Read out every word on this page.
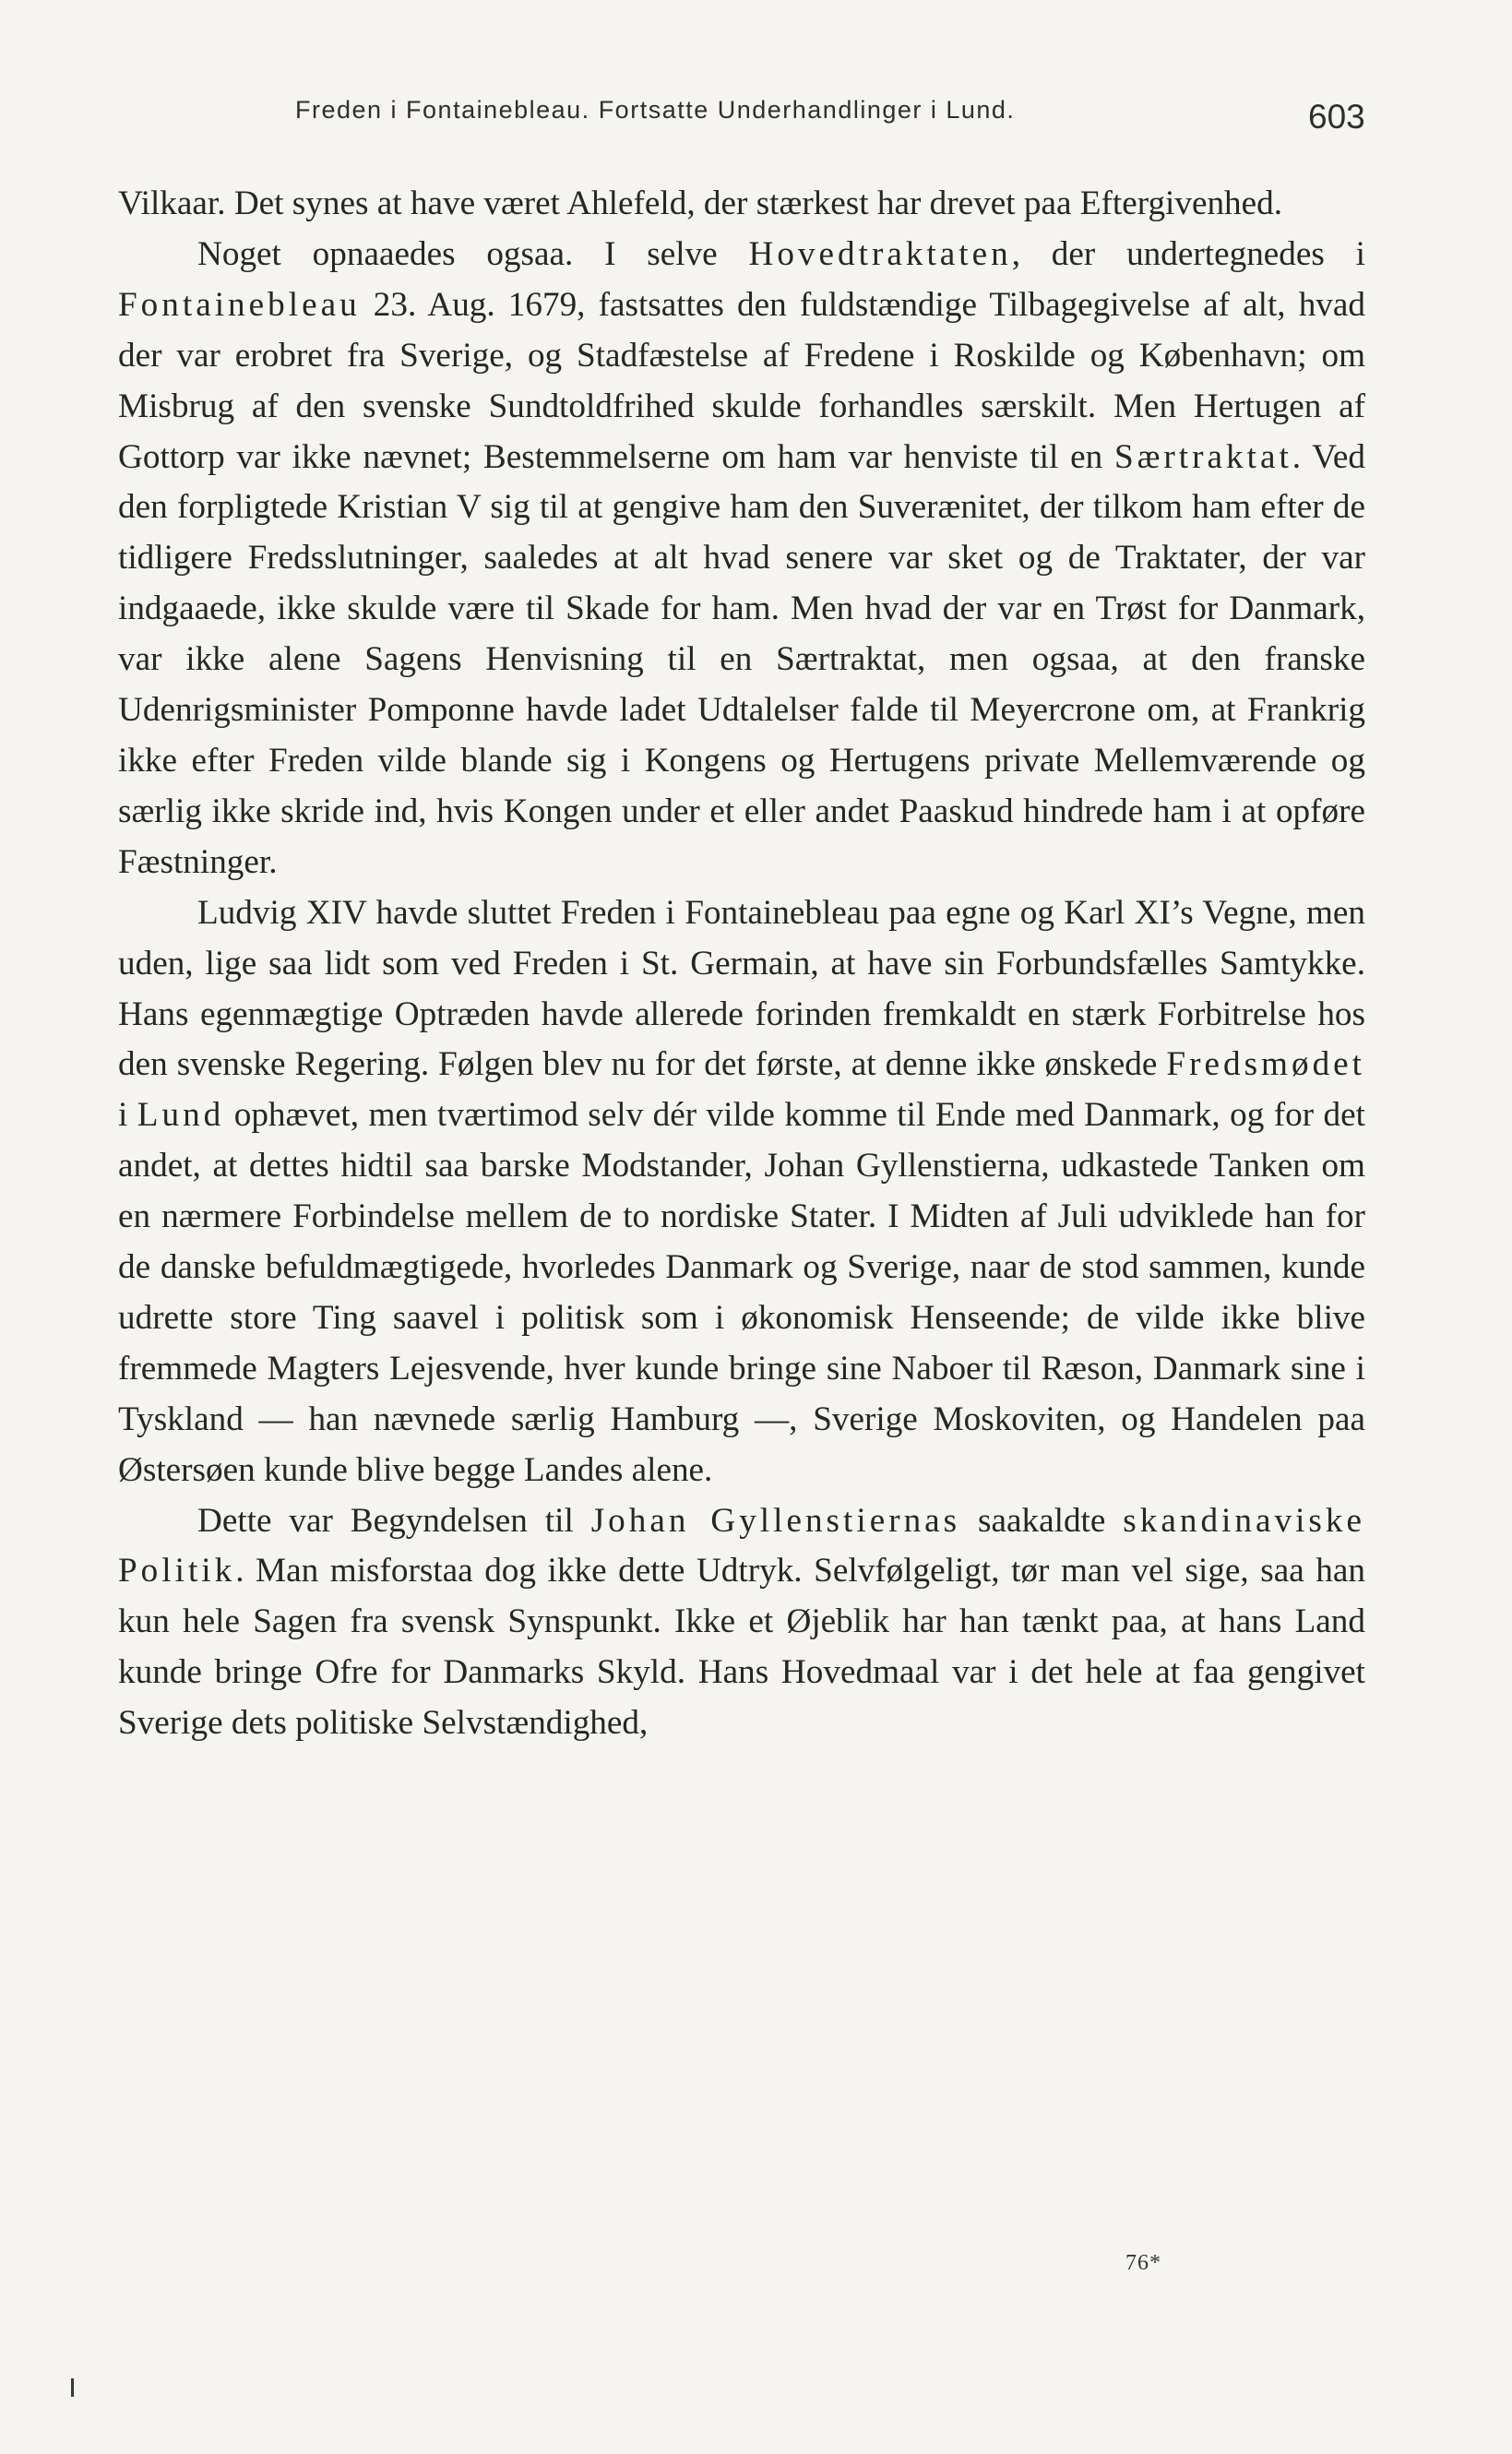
Freden i Fontainebleau. Fortsatte Underhandlinger i Lund.	603

Vilkaar. Det synes at have været Ahlefeld, der stærkest har drevet paa Eftergivenhed.

Noget opnaaedes ogsaa. I selve Hovedtraktaten, der undertegnedes i Fontainebleau 23. Aug. 1679, fastsattes den fuldstændige Tilbagegivelse af alt, hvad der var erobret fra Sverige, og Stadfæstelse af Fredene i Roskilde og København; om Misbrug af den svenske Sundtoldfrihed skulde forhandles særskilt. Men Hertugen af Gottorp var ikke nævnet; Bestemmelserne om ham var henviste til en Særtraktat. Ved den forpligtede Kristian V sig til at gengive ham den Suverænitet, der tilkom ham efter de tidligere Fredsslutninger, saaledes at alt hvad senere var sket og de Traktater, der var indgaaede, ikke skulde være til Skade for ham. Men hvad der var en Trøst for Danmark, var ikke alene Sagens Henvisning til en Særtraktat, men ogsaa, at den franske Udenrigsminister Pomponne havde ladet Udtalelser falde til Meyercrone om, at Frankrig ikke efter Freden vilde blande sig i Kongens og Hertugens private Mellemværende og særlig ikke skride ind, hvis Kongen under et eller andet Paaskud hindrede ham i at opføre Fæstninger.

Ludvig XIV havde sluttet Freden i Fontainebleau paa egne og Karl XI’s Vegne, men uden, lige saa lidt som ved Freden i St. Germain, at have sin Forbundsfælles Samtykke. Hans egenmægtige Optræden havde allerede forinden fremkaldt en stærk Forbitrelse hos den svenske Regering. Følgen blev nu for det første, at denne ikke ønskede Fredsmødet i Lund ophævet, men tværtimod selv dér vilde komme til Ende med Danmark, og for det andet, at dettes hidtil saa barske Modstander, Johan Gyllenstierna, udkastede Tanken om en nærmere Forbindelse mellem de to nordiske Stater. I Midten af Juli udviklede han for de danske befuldmægtigede, hvorledes Danmark og Sverige, naar de stod sammen, kunde udrette store Ting saavel i politisk som i økonomisk Henseende; de vilde ikke blive fremmede Magters Lejesvende, hver kunde bringe sine Naboer til Ræson, Danmark sine i Tyskland — han nævnede særlig Hamburg —, Sverige Moskoviten, og Handelen paa Østersøen kunde blive begge Landes alene.

Dette var Begyndelsen til Johan Gyllenstiernas saakaldte skandinaviske Politik. Man misforstaa dog ikke dette Udtryk. Selvfølgeligt, tør man vel sige, saa han kun hele Sagen fra svensk Synspunkt. Ikke et Øjeblik har han tænkt paa, at hans Land kunde bringe Ofre for Danmarks Skyld. Hans Hovedmaal var i det hele at faa gengivet Sverige dets politiske Selvstændighed,

76*
